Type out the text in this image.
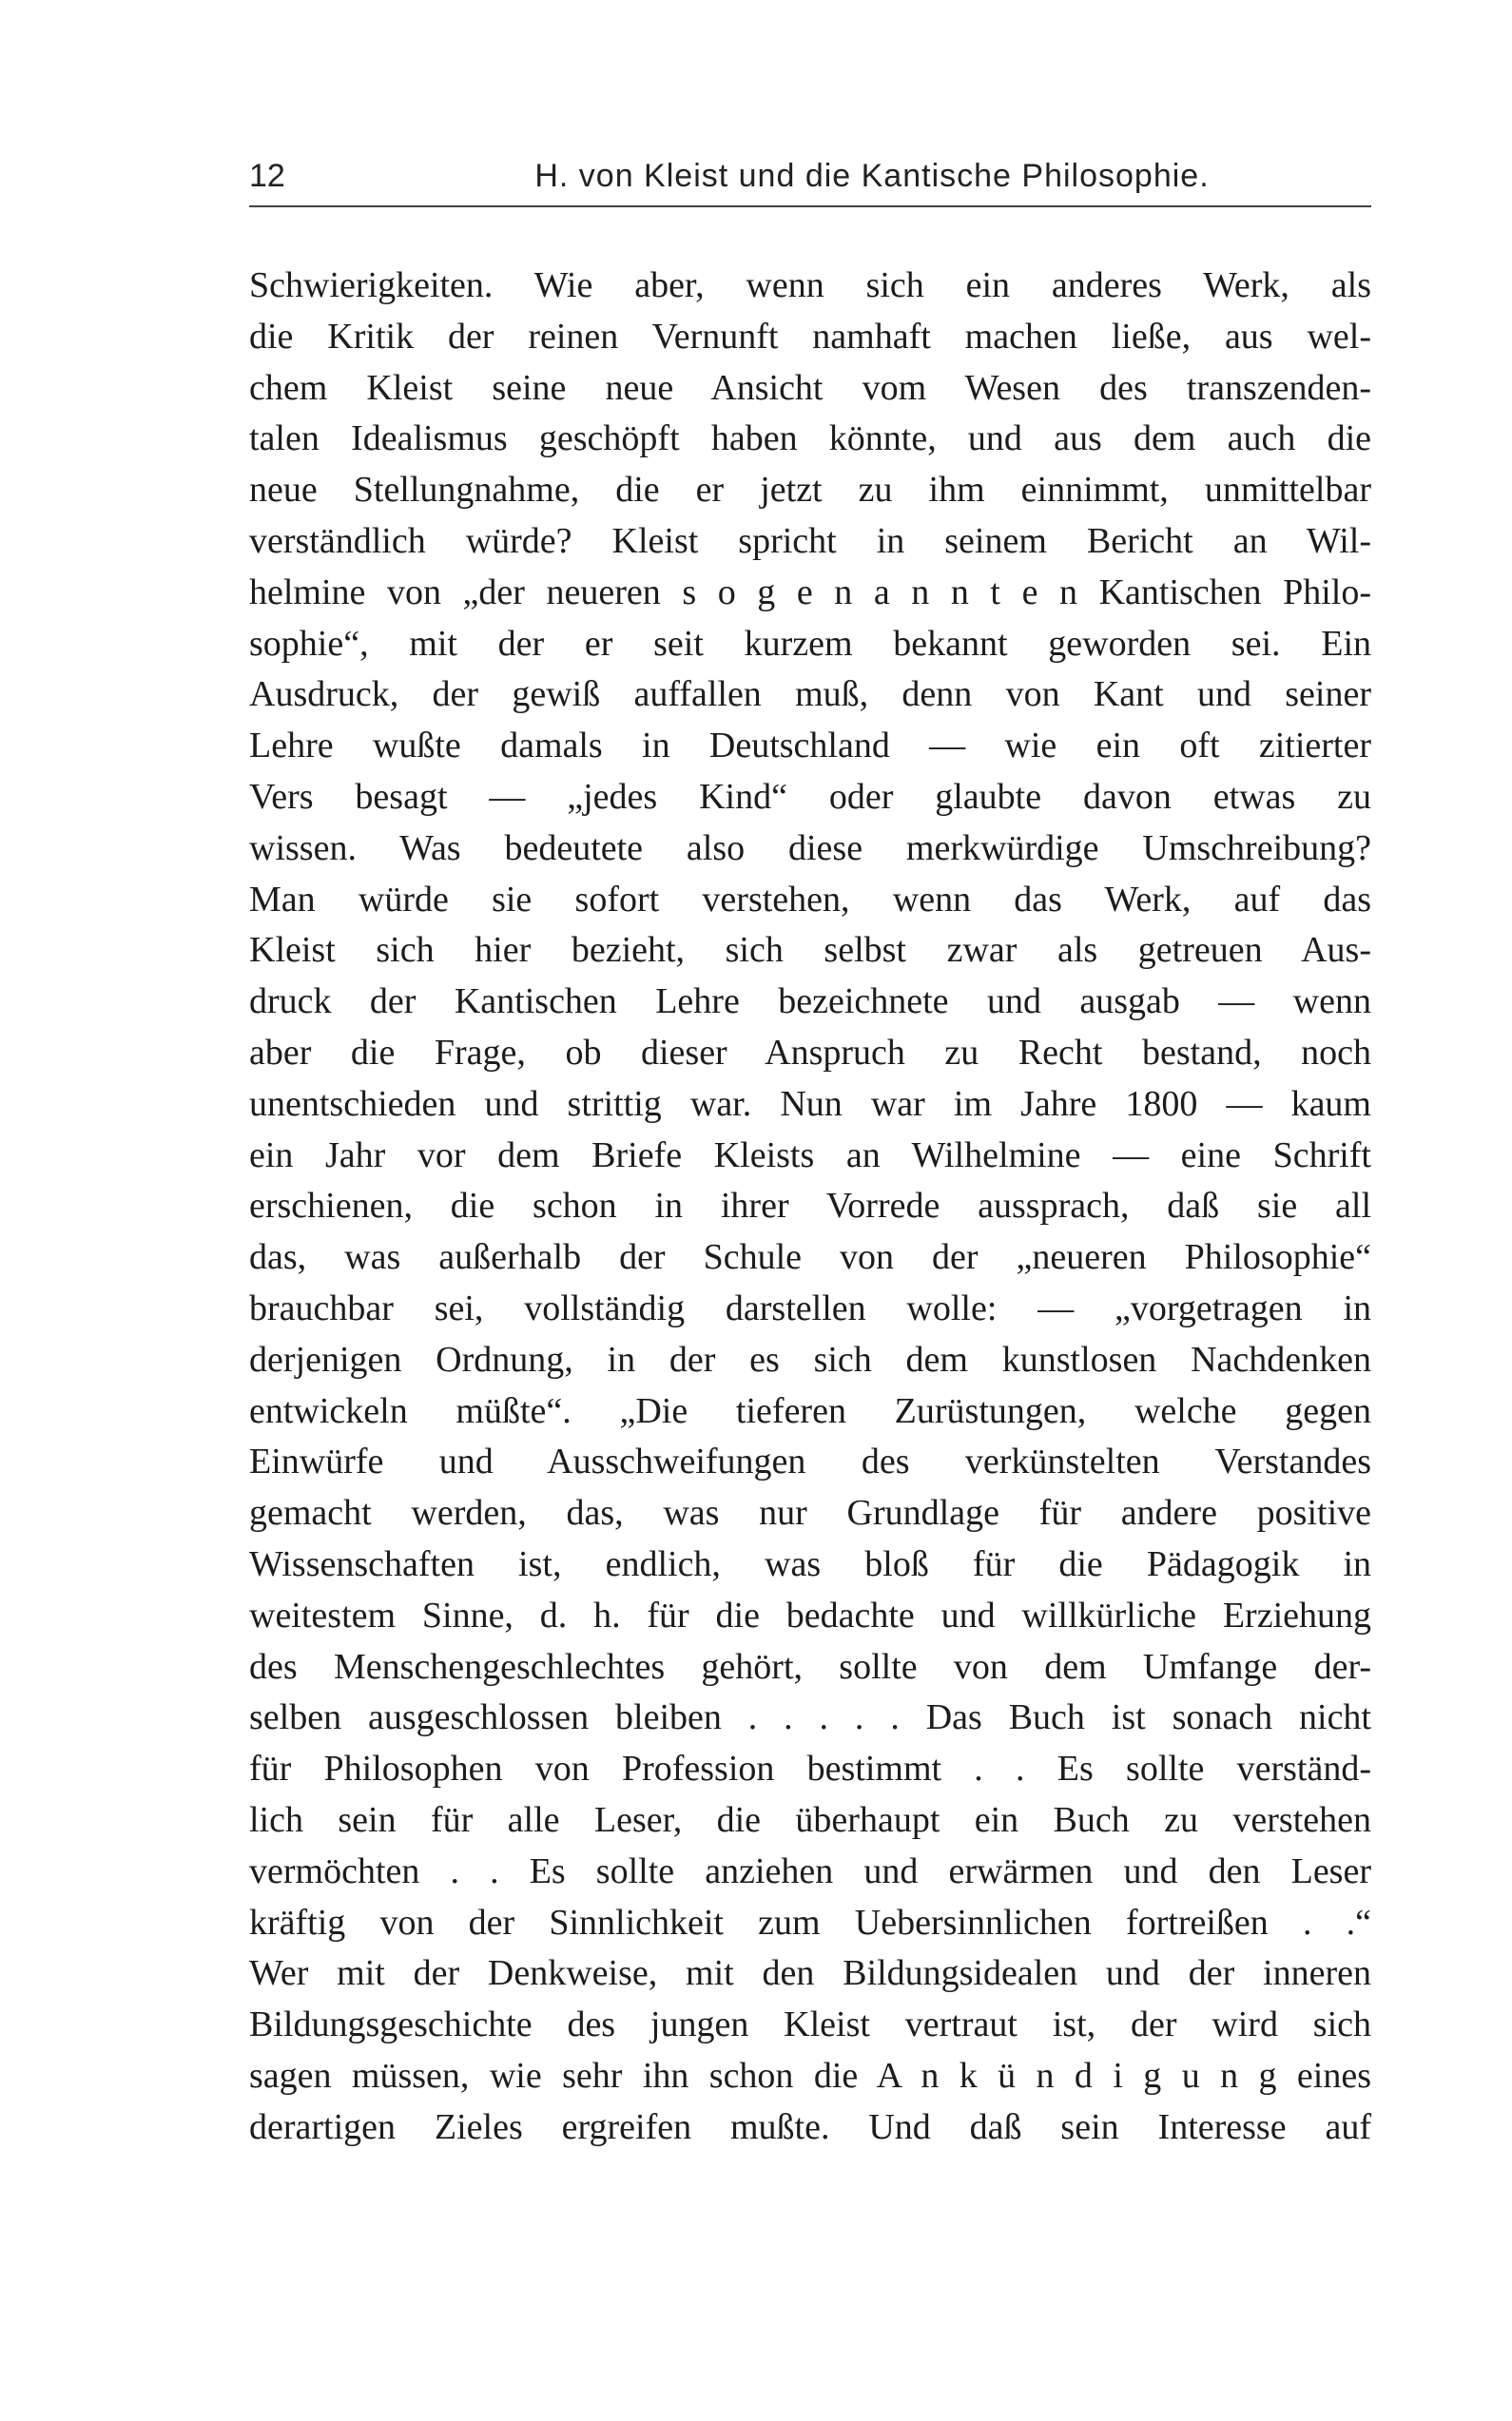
12	H. von Kleist und die Kantische Philosophie.
Schwierigkeiten. Wie aber, wenn sich ein anderes Werk, als
die Kritik der reinen Vernunft namhaft machen ließe, aus wel-
chem Kleist seine neue Ansicht vom Wesen des transzenden-
talen Idealismus geschöpft haben könnte, und aus dem auch die
neue Stellungnahme, die er jetzt zu ihm einnimmt, unmittelbar
verständlich würde? Kleist spricht in seinem Bericht an Wil-
helmine von „der neueren s o g e n a n n t e n Kantischen Philo-
sophie“, mit der er seit kurzem bekannt geworden sei. Ein
Ausdruck, der gewiß auffallen muß, denn von Kant und seiner
Lehre wußte damals in Deutschland — wie ein oft zitierter
Vers besagt — „jedes Kind“ oder glaubte davon etwas zu
wissen. Was bedeutete also diese merkwürdige Umschreibung?
Man würde sie sofort verstehen, wenn das Werk, auf das
Kleist sich hier bezieht, sich selbst zwar als getreuen Aus-
druck der Kantischen Lehre bezeichnete und ausgab — wenn
aber die Frage, ob dieser Anspruch zu Recht bestand, noch
unentschieden und strittig war. Nun war im Jahre 1800 — kaum
ein Jahr vor dem Briefe Kleists an Wilhelmine — eine Schrift
erschienen, die schon in ihrer Vorrede aussprach, daß sie all
das, was außerhalb der Schule von der „neueren Philosophie“
brauchbar sei, vollständig darstellen wolle: — „vorgetragen in
derjenigen Ordnung, in der es sich dem kunstlosen Nachdenken
entwickeln müßte“. „Die tieferen Zurüstungen, welche gegen
Einwürfe und Ausschweifungen des verkünstelten Verstandes
gemacht werden, das, was nur Grundlage für andere positive
Wissenschaften ist, endlich, was bloß für die Pädagogik in
weitestem Sinne, d. h. für die bedachte und willkürliche Erziehung
des Menschengeschlechtes gehört, sollte von dem Umfange der-
selben ausgeschlossen bleiben . . . . . Das Buch ist sonach nicht
für Philosophen von Profession bestimmt . . Es sollte verständ-
lich sein für alle Leser, die überhaupt ein Buch zu verstehen
vermöchten . . Es sollte anziehen und erwärmen und den Leser
kräftig von der Sinnlichkeit zum Uebersinnlichen fortreißen . .“
Wer mit der Denkweise, mit den Bildungsidealen und der inneren
Bildungsgeschichte des jungen Kleist vertraut ist, der wird sich
sagen müssen, wie sehr ihn schon die A n k ü n d i g u n g eines
derartigen Zieles ergreifen mußte. Und daß sein Interesse auf
